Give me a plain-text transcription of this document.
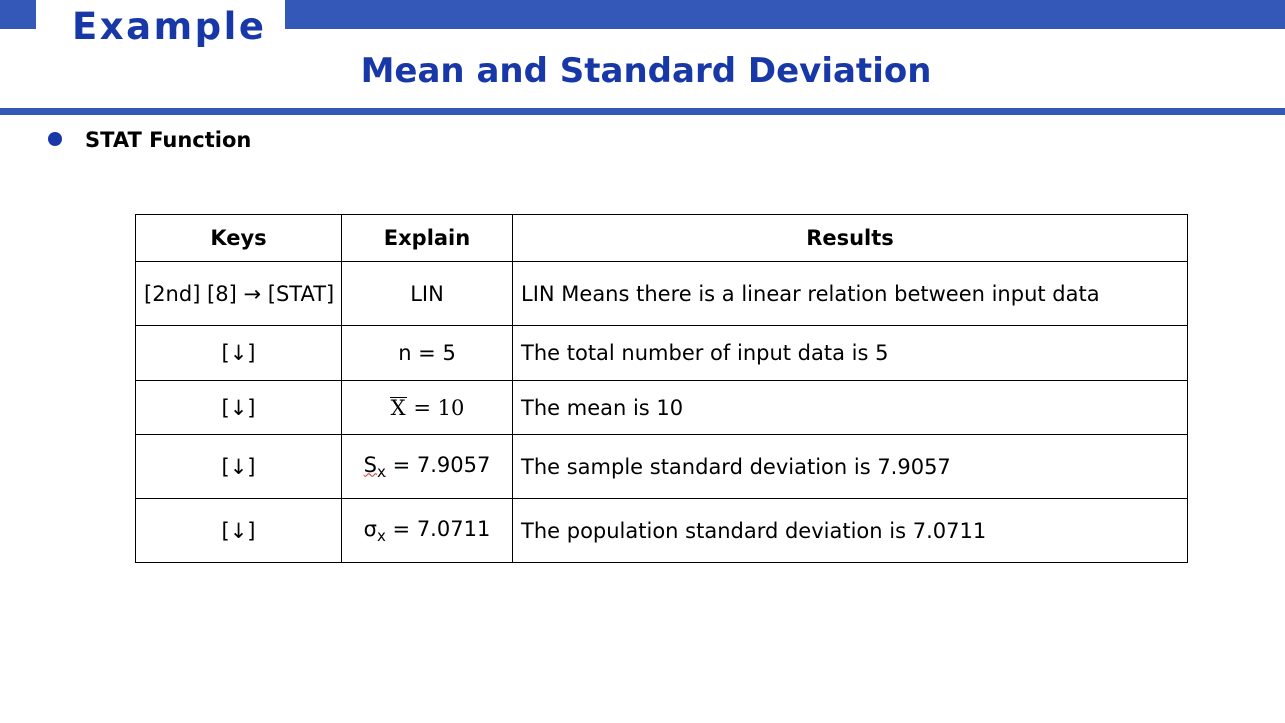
Example
Mean and Standard Deviation
STAT Function
Keys	Explain	Results
[2nd] [8] → [STAT]	LIN	LIN Means there is a linear relation between input data
[↓]	n = 5	The total number of input data is 5
[↓]	X = 10	The mean is 10
[↓]	$S_x = 7.9057$	The sample standard deviation is 7.9057
[↓]	$\sigma_x = 7.0711$	The population standard deviation is 7.0711
